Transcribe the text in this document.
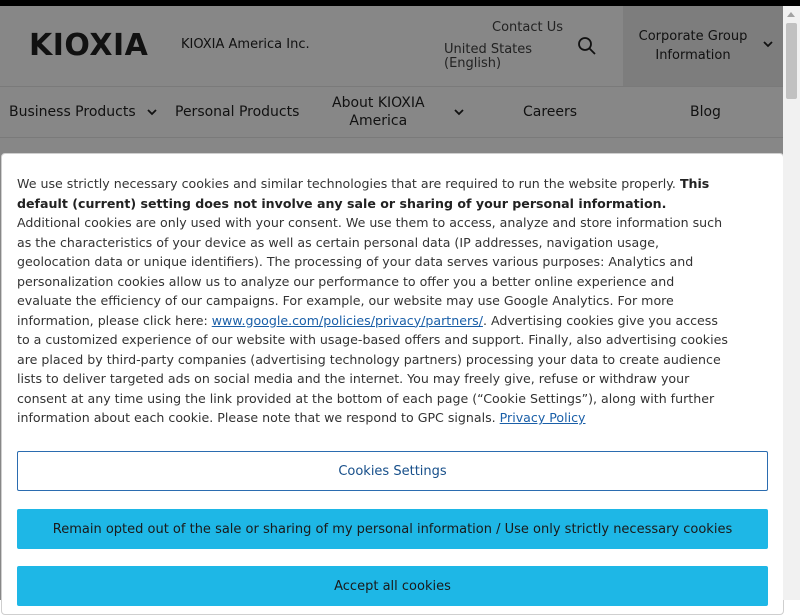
KIOXIA	KIOXIA America Inc.
Contact Us
United States
(English)
Corporate Group
Information
Business Products	Personal Products
About KIOXIA
America
Careers	Blog
We use strictly necessary cookies and similar technologies that are required to run the website properly. This default (current) setting does not involve any sale or sharing of your personal information. Additional cookies are only used with your consent. We use them to access, analyze and store information such as the characteristics of your device as well as certain personal data (IP addresses, navigation usage, geolocation data or unique identifiers). The processing of your data serves various purposes: Analytics and personalization cookies allow us to analyze our performance to offer you a better online experience and evaluate the efficiency of our campaigns. For example, our website may use Google Analytics. For more information, please click here: www.google.com/policies/privacy/partners/. Advertising cookies give you access to a customized experience of our website with usage-based offers and support. Finally, also advertising cookies are placed by third-party companies (advertising technology partners) processing your data to create audience lists to deliver targeted ads on social media and the internet. You may freely give, refuse or withdraw your consent at any time using the link provided at the bottom of each page (“Cookie Settings”), along with further information about each cookie. Please note that we respond to GPC signals. Privacy Policy
Cookies Settings
Remain opted out of the sale or sharing of my personal information / Use only strictly necessary cookies
Accept all cookies
